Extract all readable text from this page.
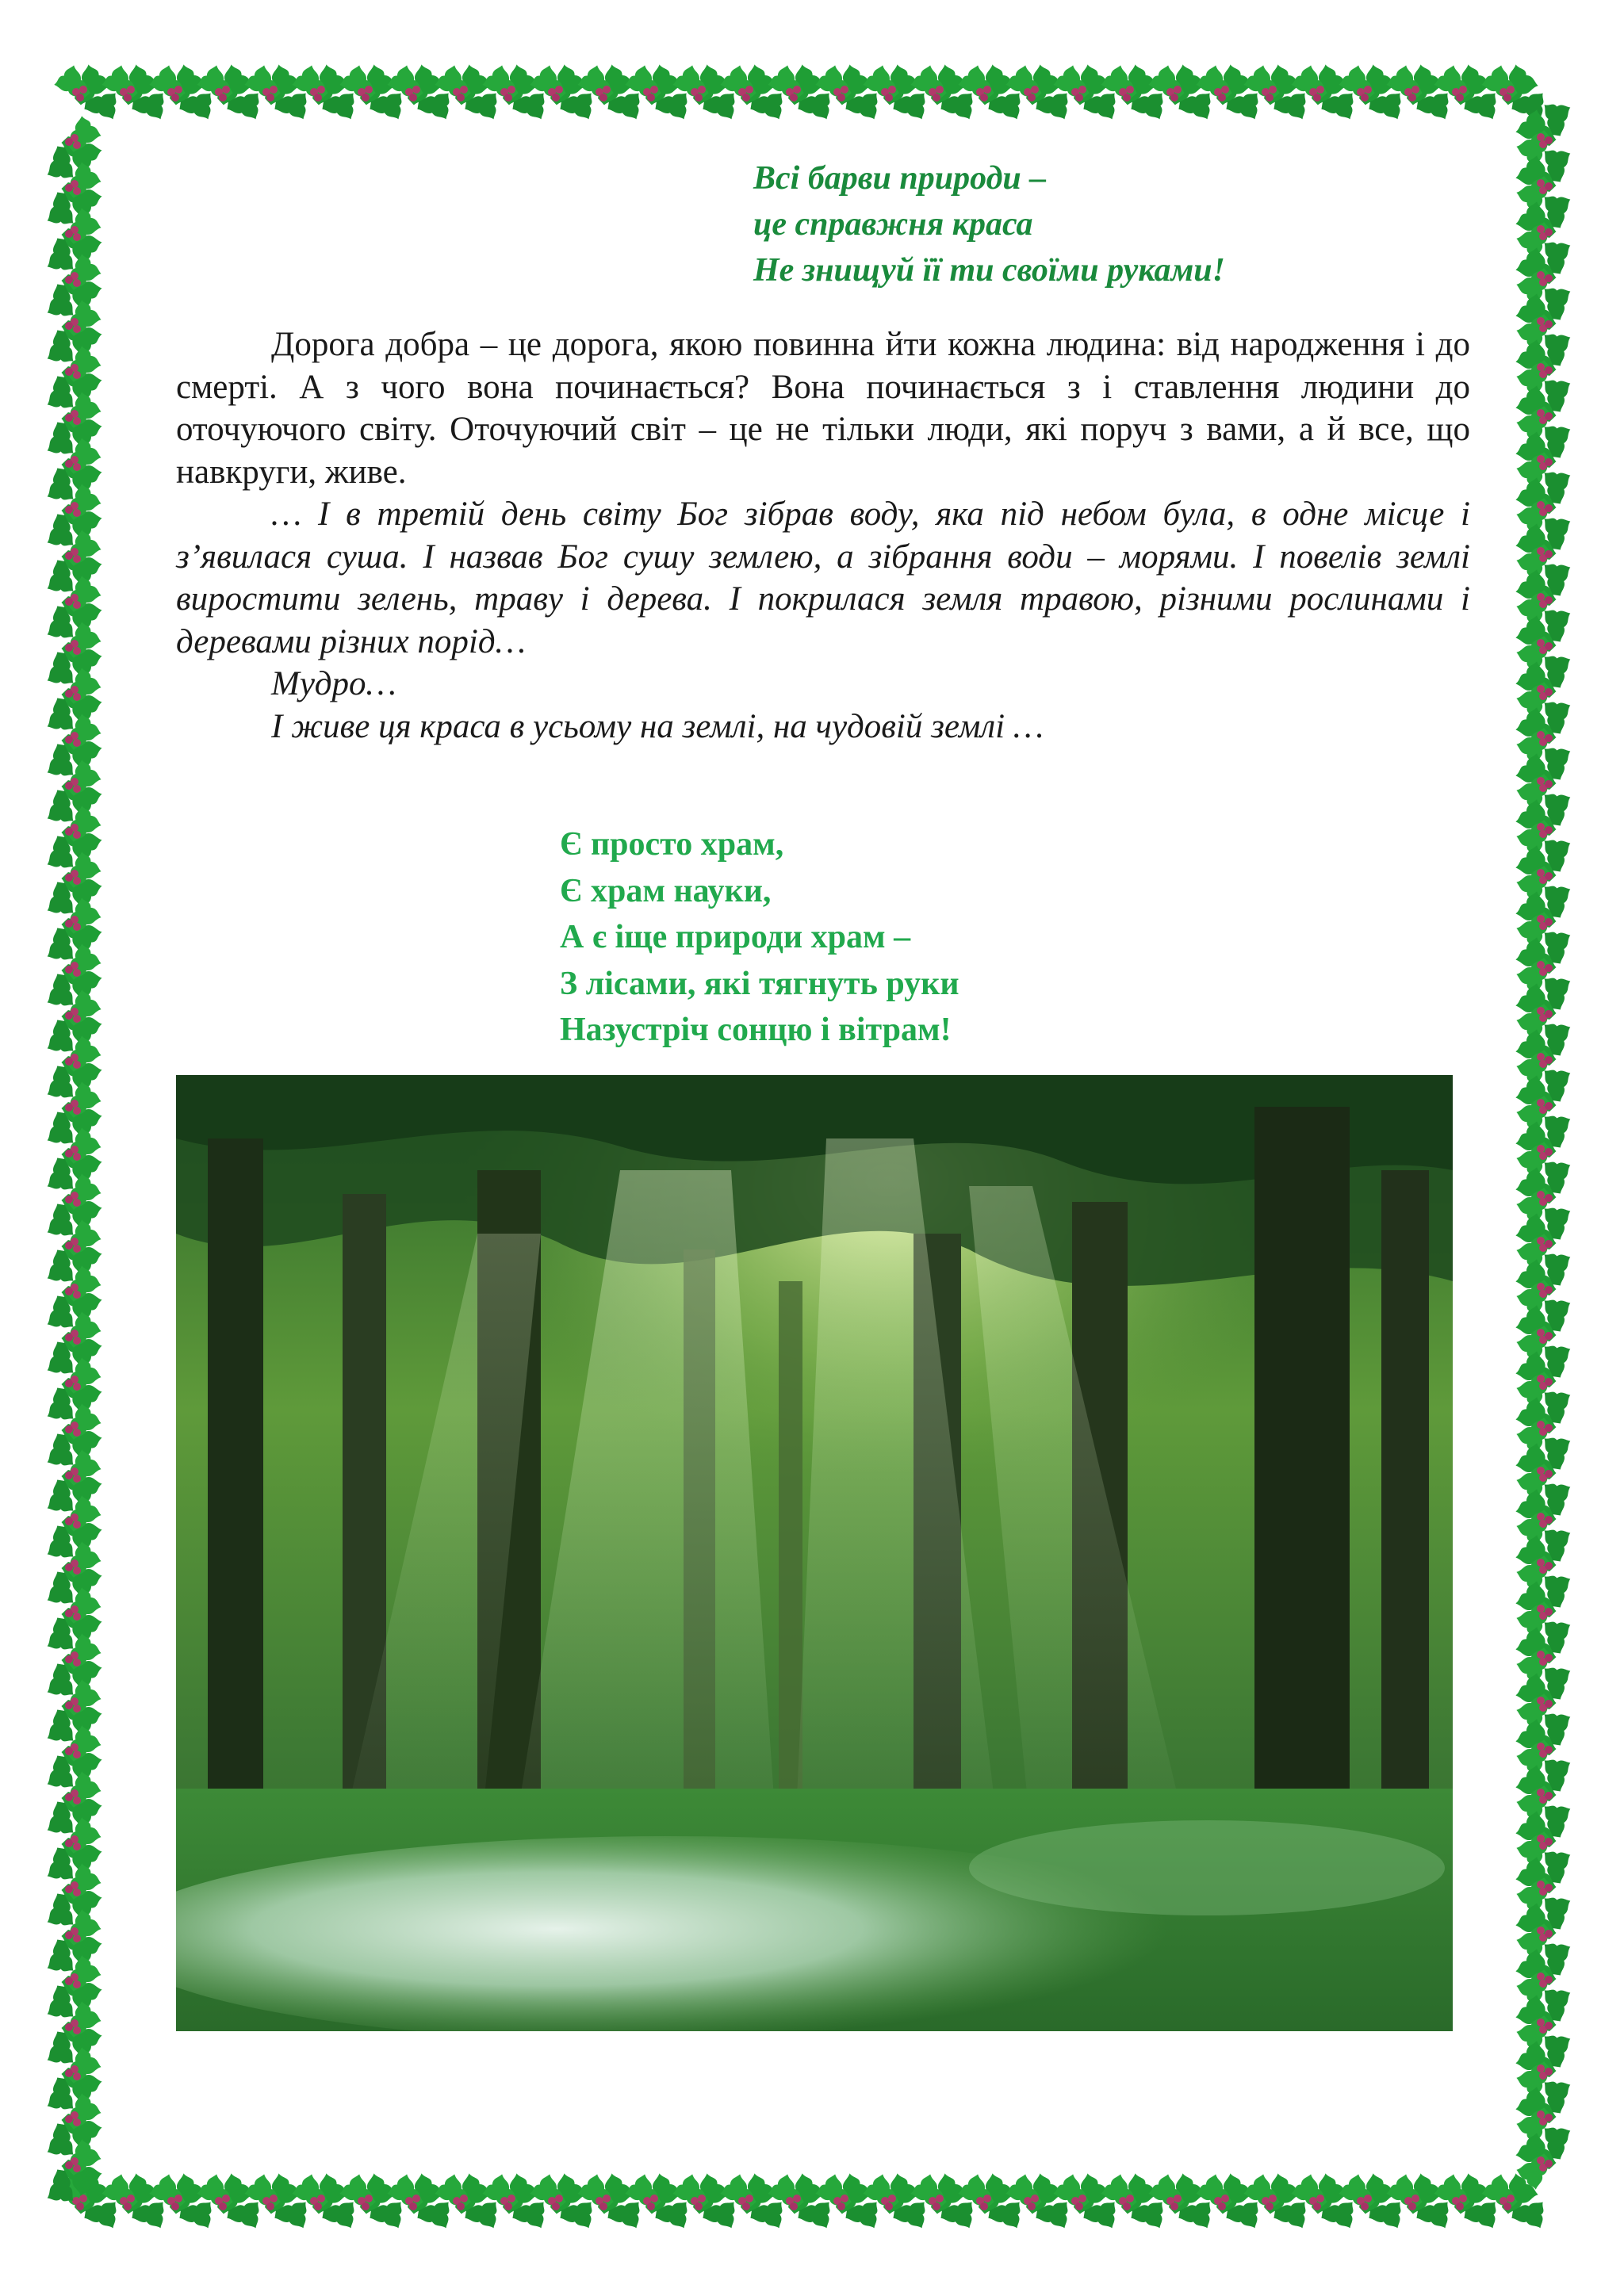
Всі барви природи –
це справжня краса
Не знищуй її ти своїми руками!

Дорога добра – це дорога, якою повинна йти кожна людина: від народження і до смерті. А з чого вона починається? Вона починається з і ставлення людини до оточуючого світу. Оточуючий світ – це не тільки люди, які поруч з вами, а й все, що навкруги, живе.

… І в третій день світу Бог зібрав воду, яка під небом була, в одне місце і з’явилася суша. І назвав Бог сушу землею, а зібрання води – морями. І повелів землі виростити зелень, траву і дерева. І покрилася земля травою, різними рослинами і деревами різних порід…

Мудро…

І живе ця краса в усьому на землі, на чудовій землі …

Є просто храм,
Є храм науки,
А є іще природи храм –
З лісами, які тягнуть руки
Назустріч сонцю і вітрам!
